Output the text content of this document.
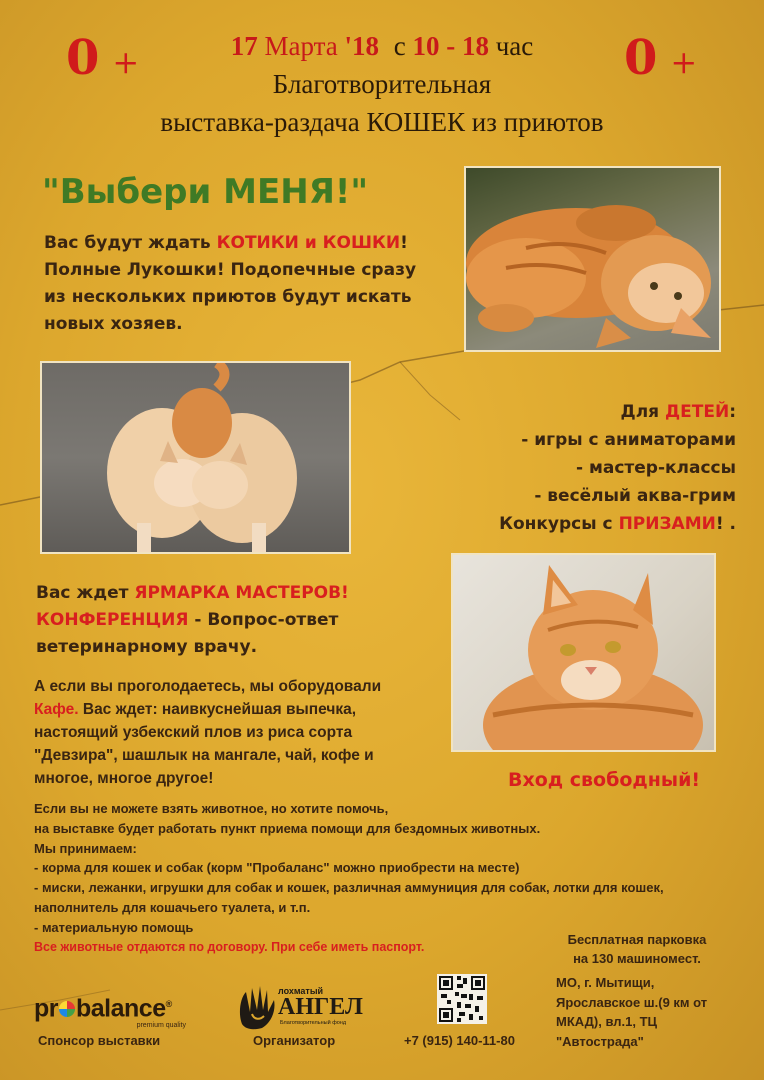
0 +	0 +
17 Марта '18 с 10 - 18 час
Благотворительная
выставка-раздача КОШЕК из приютов
"Выбери МЕНЯ!"
Вас будут ждать КОТИКИ и КОШКИ!
Полные Лукошки! Подопечные сразу
из нескольких приютов будут искать
новых хозяев.
Для ДЕТЕЙ:
- игры с аниматорами
- мастер-классы
- весёлый аква-грим
Конкурсы с ПРИЗАМИ! .
Вас ждет ЯРМАРКА МАСТЕРОВ!
КОНФЕРЕНЦИЯ - Вопрос-ответ
ветеринарному врачу.
А если вы проголодаетесь, мы оборудовали
Кафе. Вас ждет: наивкуснейшая выпечка,
настоящий узбекский плов из риса сорта
"Девзира", шашлык на мангале, чай, кофе и
многое, многое другое!	Вход свободный!
Если вы не можете взять животное, но хотите помочь,
на выставке будет работать пункт приема помощи для бездомных животных.
Мы принимаем:
- корма для кошек и собак (корм "Пробаланс" можно приобрести на месте)
- миски, лежанки, игрушки для собак и кошек, различная аммуниция для собак, лотки для кошек,
наполнитель для кошачьего туалета, и т.п.
- материальную помощь
Все животные отдаются по договору. При себе иметь паспорт.	Бесплатная парковка
на 130 машиномест.
МО, г. Мытищи,
Ярославское ш.(9 км от
МКАД), вл.1, ТЦ
"Автострада"
pr balance®
premium quality
Спонсор выставки
лохматый
АНГЕЛ
Благотворительный фонд
Организатор	+7 (915) 140-11-80
